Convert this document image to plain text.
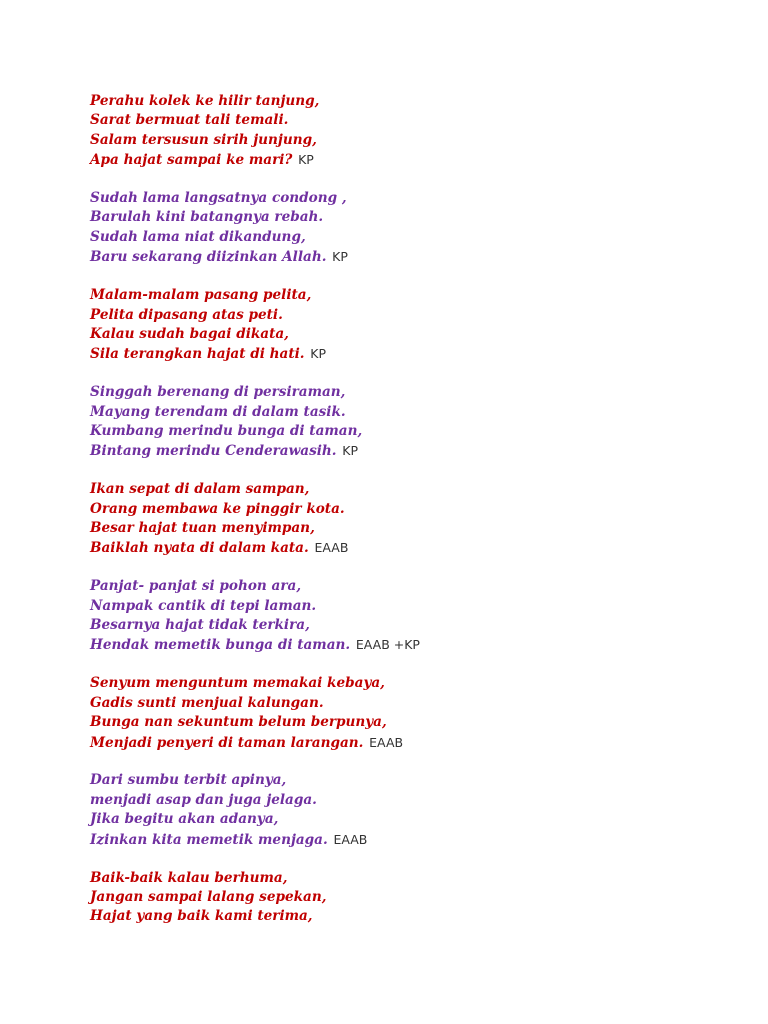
Perahu kolek ke hilir tanjung,
Sarat bermuat tali temali.
Salam tersusun sirih junjung,
Apa hajat sampai ke mari? KP
Sudah lama langsatnya condong ,
Barulah kini batangnya rebah.
Sudah lama niat dikandung,
Baru sekarang diizinkan Allah. KP
Malam-malam pasang pelita,
Pelita dipasang atas peti.
Kalau sudah bagai dikata,
Sila terangkan hajat di hati. KP
Singgah berenang di persiraman,
Mayang terendam di dalam tasik.
Kumbang merindu bunga di taman,
Bintang merindu Cenderawasih. KP
Ikan sepat di dalam sampan,
Orang membawa ke pinggir kota.
Besar hajat tuan menyimpan,
Baiklah nyata di dalam kata. EAAB
Panjat- panjat si pohon ara,
Nampak cantik di tepi laman.
Besarnya hajat tidak terkira,
Hendak memetik bunga di taman. EAAB +KP
Senyum menguntum memakai kebaya,
Gadis sunti menjual kalungan.
Bunga nan sekuntum belum berpunya,
Menjadi penyeri di taman larangan. EAAB
Dari sumbu terbit apinya,
menjadi asap dan juga jelaga.
Jika begitu akan adanya,
Izinkan kita memetik menjaga. EAAB
Baik-baik kalau berhuma,
Jangan sampai lalang sepekan,
Hajat yang baik kami terima,
